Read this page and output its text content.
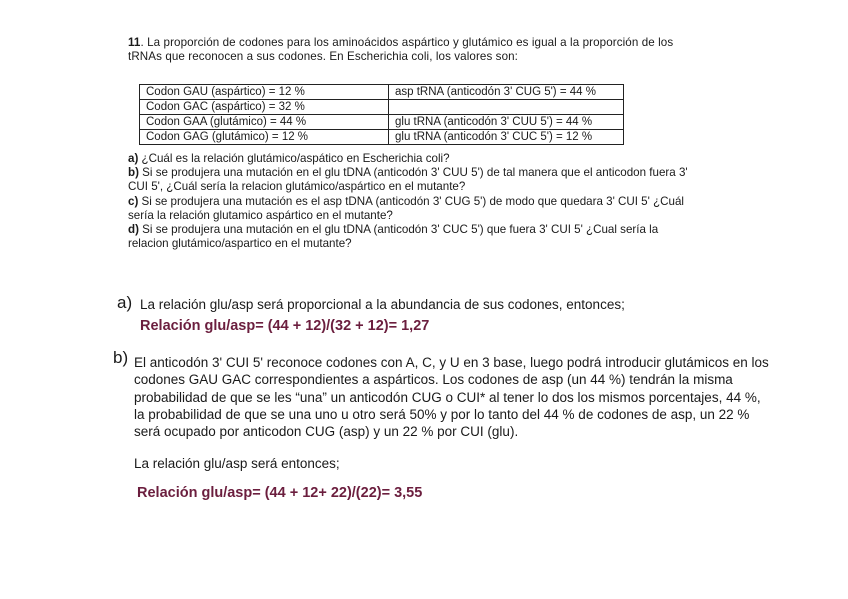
11. La proporción de codones para los aminoácidos aspártico y glutámico es igual a la proporción de los tRNAs que reconocen a sus codones. En Escherichia coli, los valores son:
Codon GAU (aspártico) = 12 %	asp tRNA (anticodón 3' CUG 5') = 44 %
Codon GAC (aspártico) = 32 %	
Codon GAA (glutámico) = 44 %	glu tRNA (anticodón 3' CUU 5') = 44 %
Codon GAG (glutámico) = 12 %	glu tRNA (anticodón 3' CUC 5') = 12 %
a) ¿Cuál es la relación glutámico/aspático en Escherichia coli?
b) Si se produjera una mutación en el glu tDNA (anticodón 3' CUU 5') de tal manera que el anticodon fuera 3' CUI 5', ¿Cuál sería la relacion glutámico/aspártico en el mutante?
c) Si se produjera una mutación es el asp tDNA (anticodón 3' CUG 5') de modo que quedara 3' CUI 5' ¿Cuál sería la relación glutamico aspártico en el mutante?
d) Si se produjera una mutación en el glu tDNA (anticodón 3' CUC 5') que fuera 3' CUI 5' ¿Cual sería la relacion glutámico/aspartico en el mutante?
a) La relación glu/asp será proporcional a la abundancia de sus codones, entonces;
Relación glu/asp= (44 + 12)/(32 + 12)= 1,27
b) El anticodón 3' CUI 5' reconoce codones con A, C, y U en 3 base, luego podrá introducir glutámicos en los codones GAU GAC correspondientes a aspárticos. Los codones de asp (un 44 %) tendrán la misma probabilidad de que se les “una” un anticodón CUG o CUI* al tener lo dos los mismos porcentajes, 44 %, la probabilidad de que se una uno u otro será 50% y por lo tanto del 44 % de codones de asp, un 22 % será ocupado por anticodon CUG (asp) y un 22 % por CUI (glu).
La relación glu/asp será entonces;
Relación glu/asp= (44 + 12+ 22)/(22)= 3,55
